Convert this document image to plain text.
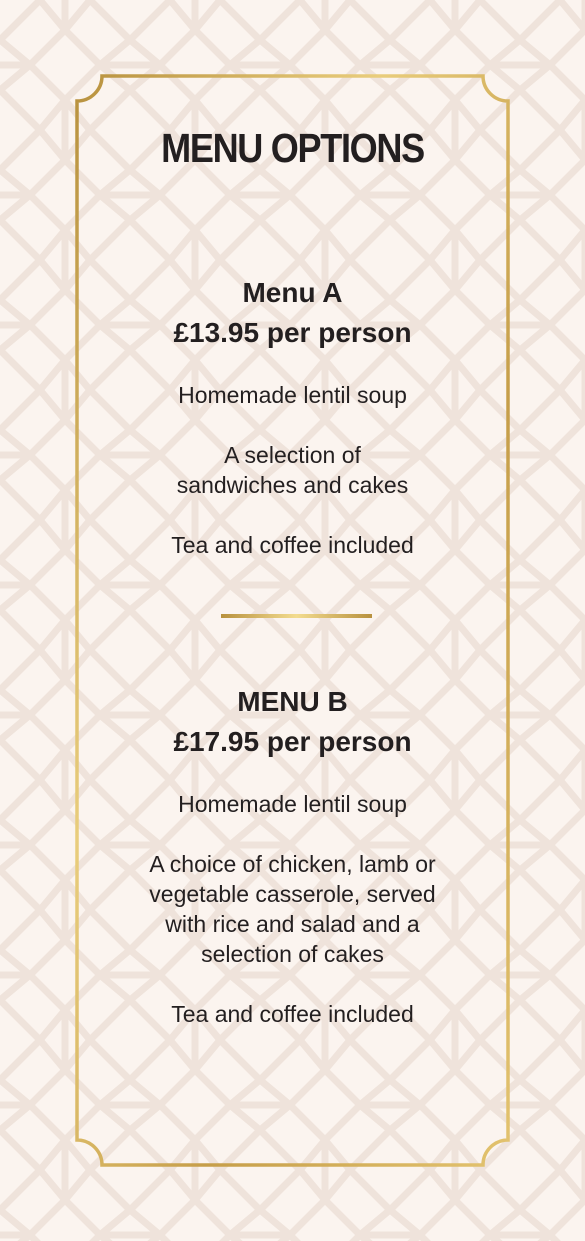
MENU OPTIONS
Menu A
£13.95 per person
Homemade lentil soup
A selection of
sandwiches and cakes
Tea and coffee included
MENU B
£17.95 per person
Homemade lentil soup
A choice of chicken, lamb or
vegetable casserole, served
with rice and salad and a
selection of cakes
Tea and coffee included
